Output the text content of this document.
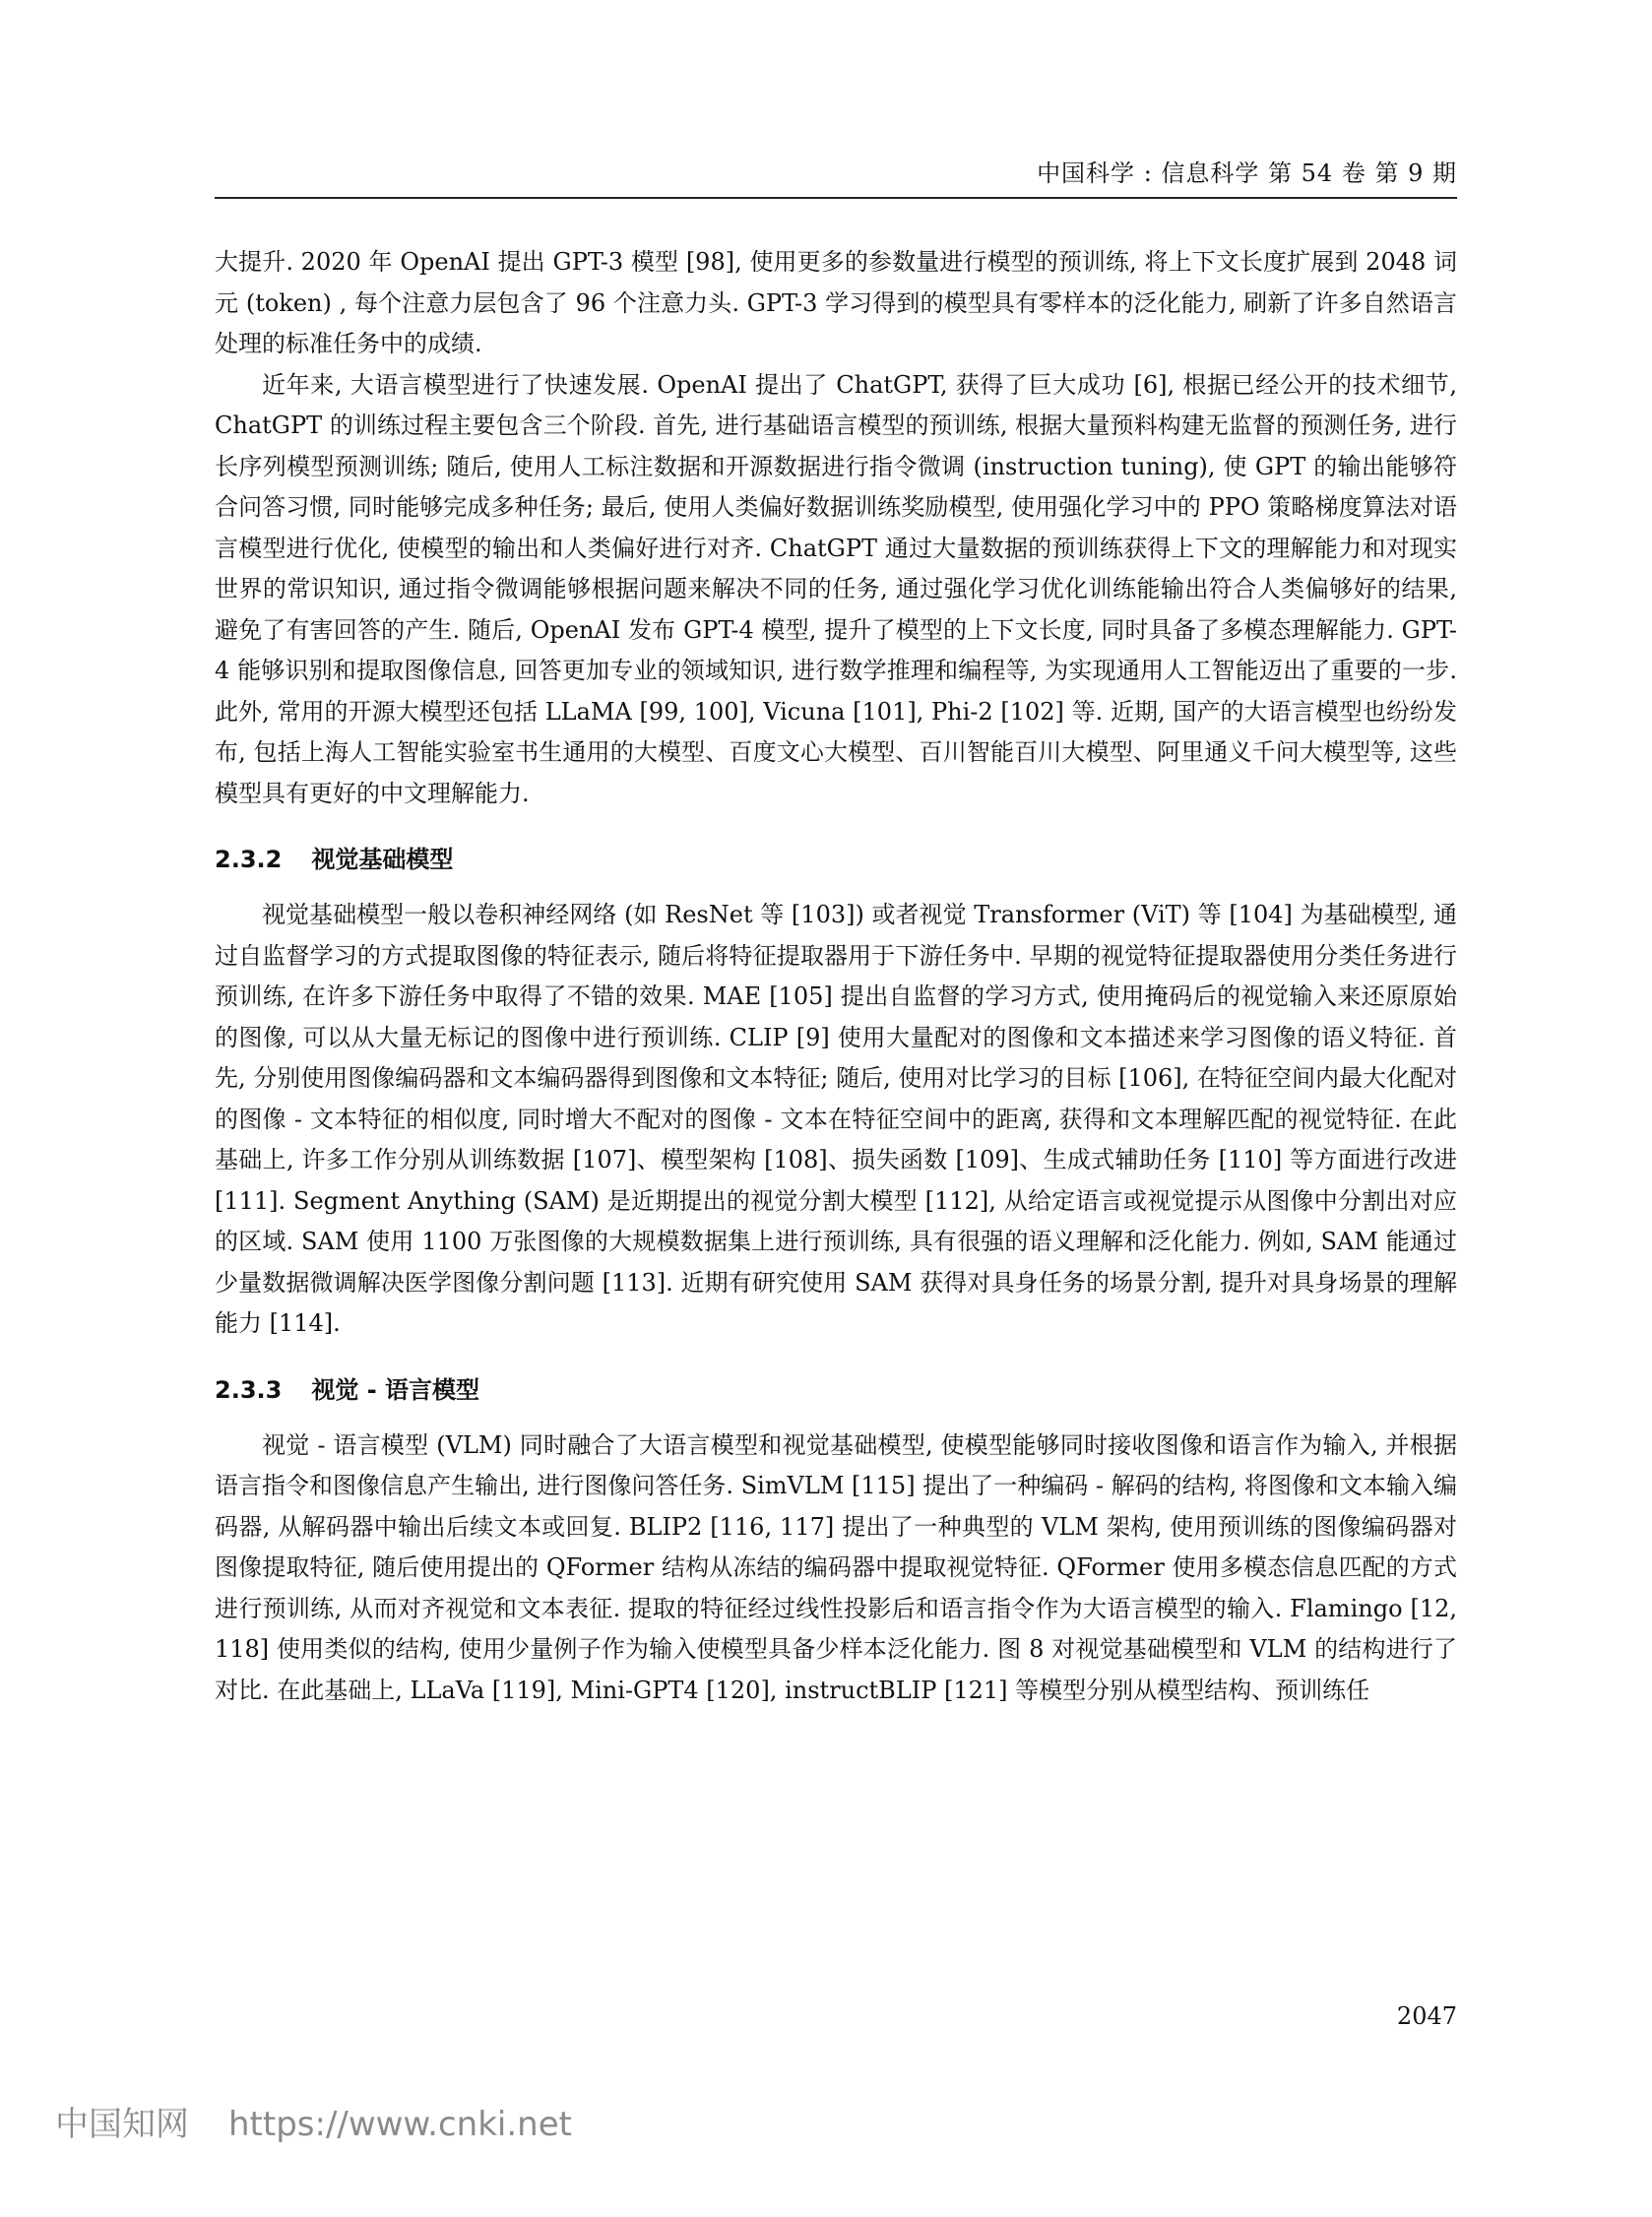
中国科学 : 信息科学 第 54 卷 第 9 期

大提升. 2020 年 OpenAI 提出 GPT-3 模型 [98], 使用更多的参数量进行模型的预训练, 将上下文长度扩展到 2048 词元 (token) , 每个注意力层包含了 96 个注意力头. GPT-3 学习得到的模型具有零样本的泛化能力, 刷新了许多自然语言处理的标准任务中的成绩.

近年来, 大语言模型进行了快速发展. OpenAI 提出了 ChatGPT, 获得了巨大成功 [6], 根据已经公开的技术细节, ChatGPT 的训练过程主要包含三个阶段. 首先, 进行基础语言模型的预训练, 根据大量预料构建无监督的预测任务, 进行长序列模型预测训练; 随后, 使用人工标注数据和开源数据进行指令微调 (instruction tuning), 使 GPT 的输出能够符合问答习惯, 同时能够完成多种任务; 最后, 使用人类偏好数据训练奖励模型, 使用强化学习中的 PPO 策略梯度算法对语言模型进行优化, 使模型的输出和人类偏好进行对齐. ChatGPT 通过大量数据的预训练获得上下文的理解能力和对现实世界的常识知识, 通过指令微调能够根据问题来解决不同的任务, 通过强化学习优化训练能输出符合人类偏够好的结果, 避免了有害回答的产生. 随后, OpenAI 发布 GPT-4 模型, 提升了模型的上下文长度, 同时具备了多模态理解能力. GPT-4 能够识别和提取图像信息, 回答更加专业的领域知识, 进行数学推理和编程等, 为实现通用人工智能迈出了重要的一步. 此外, 常用的开源大模型还包括 LLaMA [99, 100], Vicuna [101], Phi-2 [102] 等. 近期, 国产的大语言模型也纷纷发布, 包括上海人工智能实验室书生通用的大模型、百度文心大模型、百川智能百川大模型、阿里通义千问大模型等, 这些模型具有更好的中文理解能力.

2.3.2 视觉基础模型

视觉基础模型一般以卷积神经网络 (如 ResNet 等 [103]) 或者视觉 Transformer (ViT) 等 [104] 为基础模型, 通过自监督学习的方式提取图像的特征表示, 随后将特征提取器用于下游任务中. 早期的视觉特征提取器使用分类任务进行预训练, 在许多下游任务中取得了不错的效果. MAE [105] 提出自监督的学习方式, 使用掩码后的视觉输入来还原原始的图像, 可以从大量无标记的图像中进行预训练. CLIP [9] 使用大量配对的图像和文本描述来学习图像的语义特征. 首先, 分别使用图像编码器和文本编码器得到图像和文本特征; 随后, 使用对比学习的目标 [106], 在特征空间内最大化配对的图像 - 文本特征的相似度, 同时增大不配对的图像 - 文本在特征空间中的距离, 获得和文本理解匹配的视觉特征. 在此基础上, 许多工作分别从训练数据 [107]、模型架构 [108]、损失函数 [109]、生成式辅助任务 [110] 等方面进行改进 [111]. Segment Anything (SAM) 是近期提出的视觉分割大模型 [112], 从给定语言或视觉提示从图像中分割出对应的区域. SAM 使用 1100 万张图像的大规模数据集上进行预训练, 具有很强的语义理解和泛化能力. 例如, SAM 能通过少量数据微调解决医学图像分割问题 [113]. 近期有研究使用 SAM 获得对具身任务的场景分割, 提升对具身场景的理解能力 [114].

2.3.3 视觉 - 语言模型

视觉 - 语言模型 (VLM) 同时融合了大语言模型和视觉基础模型, 使模型能够同时接收图像和语言作为输入, 并根据语言指令和图像信息产生输出, 进行图像问答任务. SimVLM [115] 提出了一种编码 - 解码的结构, 将图像和文本输入编码器, 从解码器中输出后续文本或回复. BLIP2 [116, 117] 提出了一种典型的 VLM 架构, 使用预训练的图像编码器对图像提取特征, 随后使用提出的 QFormer 结构从冻结的编码器中提取视觉特征. QFormer 使用多模态信息匹配的方式进行预训练, 从而对齐视觉和文本表征. 提取的特征经过线性投影后和语言指令作为大语言模型的输入. Flamingo [12, 118] 使用类似的结构, 使用少量例子作为输入使模型具备少样本泛化能力. 图 8 对视觉基础模型和 VLM 的结构进行了对比. 在此基础上, LLaVa [119], Mini-GPT4 [120], instructBLIP [121] 等模型分别从模型结构、预训练任

2047
中国知网 https://www.cnki.net
